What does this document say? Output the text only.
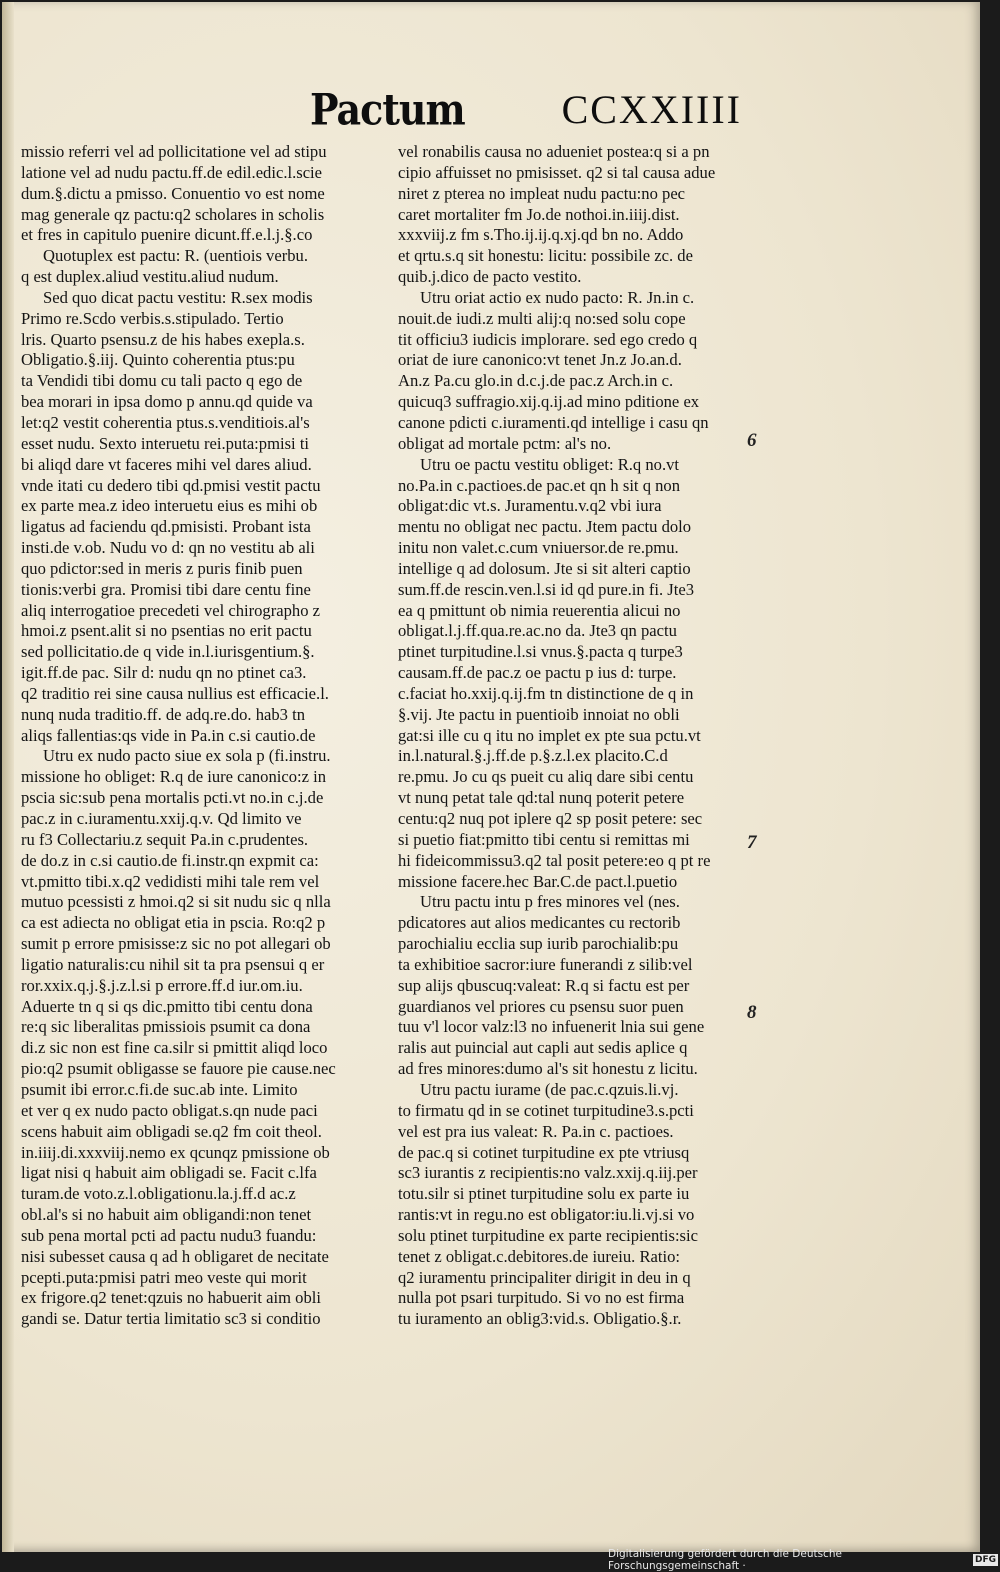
Pactum CCXXIIII
missio referri vel ad pollicitatione vel ad stipu
latione vel ad nudu pactu.ff.de edil.edic.l.scie
dum.§.dictu a pmisso. Conuentio vo est nome
mag generale qz pactu:q2 scholares in scholis
et fres in capitulo puenire dicunt.ff.e.l.j.§.co
Quotuplex est pactu: R. (uentiois verbu.
q est duplex.aliud vestitu.aliud nudum.
Sed quo dicat pactu vestitu: R.sex modis
Primo re.Scdo verbis.s.stipulado. Tertio
lris. Quarto psensu.z de his habes exepla.s.
Obligatio.§.iij. Quinto coherentia ptus:pu
ta Vendidi tibi domu cu tali pacto q ego de
bea morari in ipsa domo p annu.qd quide va
let:q2 vestit coherentia ptus.s.venditiois.al's
esset nudu. Sexto interuetu rei.puta:pmisi ti
bi aliqd dare vt faceres mihi vel dares aliud.
vnde itati cu dedero tibi qd.pmisi vestit pactu
ex parte mea.z ideo interuetu eius es mihi ob
ligatus ad faciendu qd.pmisisti. Probant ista
insti.de v.ob. Nudu vo d: qn no vestitu ab ali
quo pdictor:sed in meris z puris finib puen
tionis:verbi gra. Promisi tibi dare centu fine
aliq interrogatioe precedeti vel chirographo z
hmoi.z psent.alit si no psentias no erit pactu
sed pollicitatio.de q vide in.l.iurisgentium.§.
igit.ff.de pac. Silr d: nudu qn no ptinet ca3.
q2 traditio rei sine causa nullius est efficacie.l.
nunq nuda traditio.ff. de adq.re.do. hab3 tn
aliqs fallentias:qs vide in Pa.in c.si cautio.de
Utru ex nudo pacto siue ex sola p (fi.instru.
missione ho obliget: R.q de iure canonico:z in
pscia sic:sub pena mortalis pcti.vt no.in c.j.de
pac.z in c.iuramentu.xxij.q.v. Qd limito ve
ru f3 Collectariu.z sequit Pa.in c.prudentes.
de do.z in c.si cautio.de fi.instr.qn expmit ca:
vt.pmitto tibi.x.q2 vedidisti mihi tale rem vel
mutuo pcessisti z hmoi.q2 si sit nudu sic q nlla
ca est adiecta no obligat etia in pscia. Ro:q2 p
sumit p errore pmisisse:z sic no pot allegari ob
ligatio naturalis:cu nihil sit ta pra psensui q er
ror.xxix.q.j.§.j.z.l.si p errore.ff.d iur.om.iu.
Aduerte tn q si qs dic.pmitto tibi centu dona
re:q sic liberalitas pmissiois psumit ca dona
di.z sic non est fine ca.silr si pmittit aliqd loco
pio:q2 psumit obligasse se fauore pie cause.nec
psumit ibi error.c.fi.de suc.ab inte. Limito
et ver q ex nudo pacto obligat.s.qn nude paci
scens habuit aim obligadi se.q2 fm coit theol.
in.iiij.di.xxxviij.nemo ex qcunqz pmissione ob
ligat nisi q habuit aim obligadi se. Facit c.lfa
turam.de voto.z.l.obligationu.la.j.ff.d ac.z
obl.al's si no habuit aim obligandi:non tenet
sub pena mortal pcti ad pactu nudu3 fuandu:
nisi subesset causa q ad h obligaret de necitate
pcepti.puta:pmisi patri meo veste qui morit
ex frigore.q2 tenet:qzuis no habuerit aim obli
gandi se. Datur tertia limitatio sc3 si conditio
vel ronabilis causa no adueniet postea:q si a pn
cipio affuisset no pmisisset. q2 si tal causa adue
niret z pterea no impleat nudu pactu:no pec
caret mortaliter fm Jo.de nothoi.in.iiij.dist.
xxxviij.z fm s.Tho.ij.ij.q.xj.qd bn no. Addo
et qrtu.s.q sit honestu: licitu: possibile zc. de
quib.j.dico de pacto vestito.
Utru oriat actio ex nudo pacto: R. Jn.in c.
nouit.de iudi.z multi alij:q no:sed solu cope
tit officiu3 iudicis implorare. sed ego credo q
oriat de iure canonico:vt tenet Jn.z Jo.an.d.
An.z Pa.cu glo.in d.c.j.de pac.z Arch.in c.
quicuq3 suffragio.xij.q.ij.ad mino pditione ex
canone pdicti c.iuramenti.qd intellige i casu qn
obligat ad mortale pctm: al's no.
Utru oe pactu vestitu obliget: R.q no.vt
no.Pa.in c.pactioes.de pac.et qn h sit q non
obligat:dic vt.s. Juramentu.v.q2 vbi iura
mentu no obligat nec pactu. Jtem pactu dolo
initu non valet.c.cum vniuersor.de re.pmu.
intellige q ad dolosum. Jte si sit alteri captio
sum.ff.de rescin.ven.l.si id qd pure.in fi. Jte3
ea q pmittunt ob nimia reuerentia alicui no
obligat.l.j.ff.qua.re.ac.no da. Jte3 qn pactu
ptinet turpitudine.l.si vnus.§.pacta q turpe3
causam.ff.de pac.z oe pactu p ius d: turpe.
c.faciat ho.xxij.q.ij.fm tn distinctione de q in
§.vij. Jte pactu in puentioib innoiat no obli
gat:si ille cu q itu no implet ex pte sua pctu.vt
in.l.natural.§.j.ff.de p.§.z.l.ex placito.C.d
re.pmu. Jo cu qs pueit cu aliq dare sibi centu
vt nunq petat tale qd:tal nunq poterit petere
centu:q2 nuq pot iplere q2 sp posit petere: sec
si puetio fiat:pmitto tibi centu si remittas mi
hi fideicommissu3.q2 tal posit petere:eo q pt re
missione facere.hec Bar.C.de pact.l.puetio
Utru pactu intu p fres minores vel (nes.
pdicatores aut alios medicantes cu rectorib
parochialiu ecclia sup iurib parochialib:pu
ta exhibitioe sacror:iure funerandi z silib:vel
sup alijs qbuscuq:valeat: R.q si factu est per
guardianos vel priores cu psensu suor puen
tuu v'l locor valz:l3 no infuenerit lnia sui gene
ralis aut puincial aut capli aut sedis aplice q
ad fres minores:dumo al's sit honestu z licitu.
Utru pactu iurame (de pac.c.qzuis.li.vj.
to firmatu qd in se cotinet turpitudine3.s.pcti
vel est pra ius valeat: R. Pa.in c. pactioes.
de pac.q si cotinet turpitudine ex pte vtriusq
sc3 iurantis z recipientis:no valz.xxij.q.iij.per
totu.silr si ptinet turpitudine solu ex parte iu
rantis:vt in regu.no est obligator:iu.li.vj.si vo
solu ptinet turpitudine ex parte recipientis:sic
tenet z obligat.c.debitores.de iureiu. Ratio:
q2 iuramentu principaliter dirigit in deu in q
nulla pot psari turpitudo. Si vo no est firma
tu iuramento an oblig3:vid.s. Obligatio.§.r.
6
7
8
Digitalisierung gefördert durch die Deutsche Forschungsgemeinschaft ·	DFG
